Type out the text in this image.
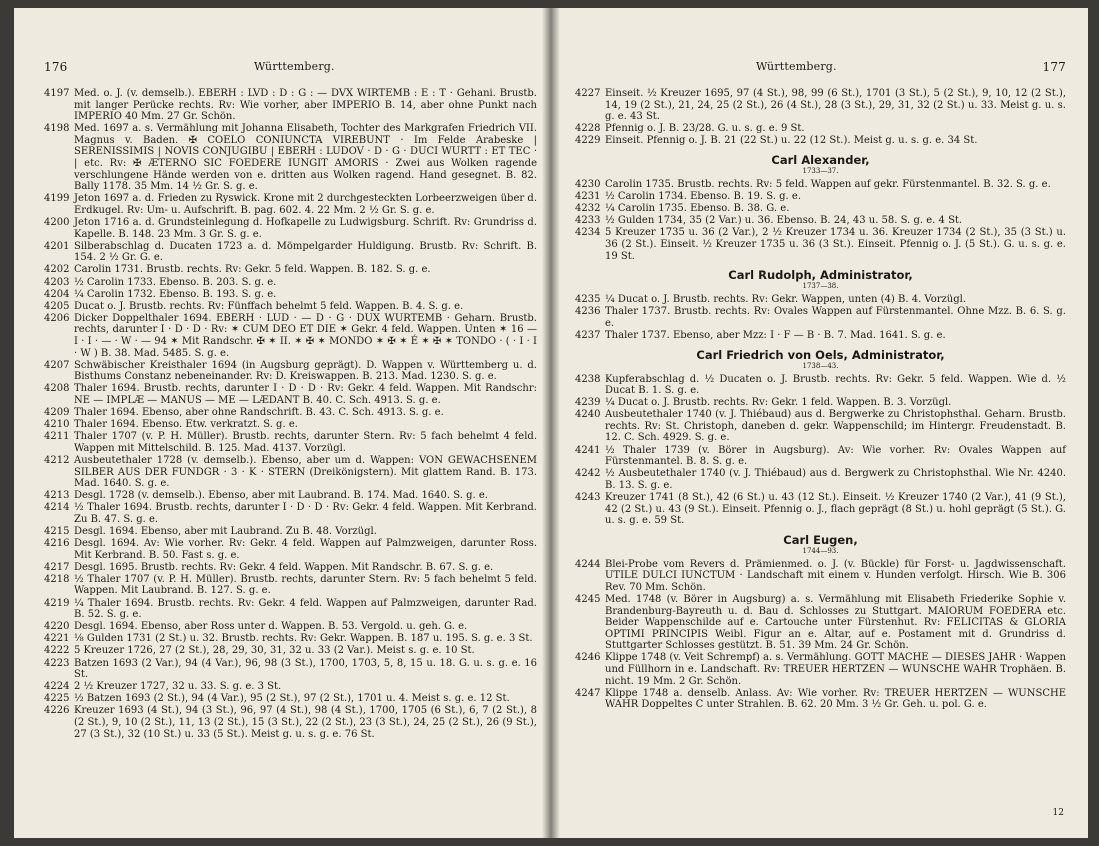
176	Württemberg.
4197 Med. o. J. (v. demselb.). EBERH : LVD : D : G : — DVX WIRTEMB : E : T · Gehani. Brustb. mit langer Perücke rechts. Rv: Wie vorher, aber IMPERIO B. 14, aber ohne Punkt nach IMPERIO 40 Mm. 27 Gr. Schön.
4198 Med. 1697 a. s. Vermählung mit Johanna Elisabeth, Tochter des Markgrafen Friedrich VII. Magnus v. Baden. ✠ COELO CONIUNCTA VIREBUNT · Im Felde Arabeske | SERENISSIMIS | NOVIS CONJUGIBU | EBERH : LUDOV · D · G · DUCI WURTT : ET TEC · | etc. Rv: ✠ ÆTERNO SIC FOEDERE IUNGIT AMORIS · Zwei aus Wolken ragende verschlungene Hände werden von e. dritten aus Wolken ragend. Hand gesegnet. B. 82. Bally 1178. 35 Mm. 14 ½ Gr. S. g. e.
4199 Jeton 1697 a. d. Frieden zu Ryswick. Krone mit 2 durchgesteckten Lorbeerzweigen über d. Erdkugel. Rv: Um- u. Aufschrift. B. pag. 602. 4. 22 Mm. 2 ½ Gr. S. g. e.
4200 Jeton 1716 a. d. Grundsteinlegung d. Hofkapelle zu Ludwigsburg. Schrift. Rv: Grundriss d. Kapelle. B. 148. 23 Mm. 3 Gr. S. g. e.
4201 Silberabschlag d. Ducaten 1723 a. d. Mömpelgarder Huldigung. Brustb. Rv: Schrift. B. 154. 2 ½ Gr. G. e.
4202 Carolin 1731. Brustb. rechts. Rv: Gekr. 5 feld. Wappen. B. 182. S. g. e.
4203 ½ Carolin 1733. Ebenso. B. 203. S. g. e.
4204 ¼ Carolin 1732. Ebenso. B. 193. S. g. e.
4205 Ducat o. J. Brustb. rechts. Rv: Fünffach behelmt 5 feld. Wappen. B. 4. S. g. e.
4206 Dicker Doppelthaler 1694. EBERH · LUD · — D · G · DUX WURTEMB · Geharn. Brustb. rechts, darunter I · D · D · Rv: ✶ CUM DEO ET DIE ✶ Gekr. 4 feld. Wappen. Unten ✶ 16 — I · I · — · W · — 94 ✶ Mit Randschr. ✠ ✶ II. ✶ ✠ ✶ MONDO ✶ ✠ ✶ É ✶ ✠ ✶ TONDO · ( · I · I · W ) B. 38. Mad. 5485. S. g. e.
4207 Schwäbischer Kreisthaler 1694 (in Augsburg geprägt). D. Wappen v. Württemberg u. d. Bisthums Constanz nebeneinander. Rv: D. Kreiswappen. B. 213. Mad. 1230. S. g. e.
4208 Thaler 1694. Brustb. rechts, darunter I · D · D · Rv: Gekr. 4 feld. Wappen. Mit Randschr: NE — IMPLÆ — MANUS — ME — LÆDANT B. 40. C. Sch. 4913. S. g. e.
4209 Thaler 1694. Ebenso, aber ohne Randschrift. B. 43. C. Sch. 4913. S. g. e.
4210 Thaler 1694. Ebenso. Etw. verkratzt. S. g. e.
4211 Thaler 1707 (v. P. H. Müller). Brustb. rechts, darunter Stern. Rv: 5 fach behelmt 4 feld. Wappen mit Mittelschild. B. 125. Mad. 4137. Vorzügl.
4212 Ausbeutethaler 1728 (v. demselb.). Ebenso, aber um d. Wappen: VON GEWACHSENEM SILBER AUS DER FUNDGR · 3 · K · STERN (Dreikönigstern). Mit glattem Rand. B. 173. Mad. 1640. S. g. e.
4213 Desgl. 1728 (v. demselb.). Ebenso, aber mit Laubrand. B. 174. Mad. 1640. S. g. e.
4214 ½ Thaler 1694. Brustb. rechts, darunter I · D · D · Rv: Gekr. 4 feld. Wappen. Mit Kerbrand. Zu B. 47. S. g. e.
4215 Desgl. 1694. Ebenso, aber mit Laubrand. Zu B. 48. Vorzügl.
4216 Desgl. 1694. Av: Wie vorher. Rv: Gekr. 4 feld. Wappen auf Palmzweigen, darunter Ross. Mit Kerbrand. B. 50. Fast s. g. e.
4217 Desgl. 1695. Brustb. rechts. Rv: Gekr. 4 feld. Wappen. Mit Randschr. B. 67. S. g. e.
4218 ½ Thaler 1707 (v. P. H. Müller). Brustb. rechts, darunter Stern. Rv: 5 fach behelmt 5 feld. Wappen. Mit Laubrand. B. 127. S. g. e.
4219 ¼ Thaler 1694. Brustb. rechts. Rv: Gekr. 4 feld. Wappen auf Palmzweigen, darunter Rad. B. 52. S. g. e.
4220 Desgl. 1694. Ebenso, aber Ross unter d. Wappen. B. 53. Vergold. u. geh. G. e.
4221 ⅛ Gulden 1731 (2 St.) u. 32. Brustb. rechts. Rv: Gekr. Wappen. B. 187 u. 195. S. g. e. 3 St.
4222 5 Kreuzer 1726, 27 (2 St.), 28, 29, 30, 31, 32 u. 33 (2 Var.). Meist s. g. e. 10 St.
4223 Batzen 1693 (2 Var.), 94 (4 Var.), 96, 98 (3 St.), 1700, 1703, 5, 8, 15 u. 18. G. u. s. g. e. 16 St.
4224 2 ½ Kreuzer 1727, 32 u. 33. S. g. e. 3 St.
4225 ½ Batzen 1693 (2 St.), 94 (4 Var.), 95 (2 St.), 97 (2 St.), 1701 u. 4. Meist s. g. e. 12 St.
4226 Kreuzer 1693 (4 St.), 94 (3 St.), 96, 97 (4 St.), 98 (4 St.), 1700, 1705 (6 St.), 6, 7 (2 St.), 8 (2 St.), 9, 10 (2 St.), 11, 13 (2 St.), 15 (3 St.), 22 (2 St.), 23 (3 St.), 24, 25 (2 St.), 26 (9 St.), 27 (3 St.), 32 (10 St.) u. 33 (5 St.). Meist g. u. s. g. e. 76 St.
Württemberg.	177
4227 Einseit. ½ Kreuzer 1695, 97 (4 St.), 98, 99 (6 St.), 1701 (3 St.), 5 (2 St.), 9, 10, 12 (2 St.), 14, 19 (2 St.), 21, 24, 25 (2 St.), 26 (4 St.), 28 (3 St.), 29, 31, 32 (2 St.) u. 33. Meist g. u. s. g. e. 43 St.
4228 Pfennig o. J. B. 23/28. G. u. s. g. e. 9 St.
4229 Einseit. Pfennig o. J. B. 21 (22 St.) u. 22 (12 St.). Meist g. u. s. g. e. 34 St.
Carl Alexander,
1733—37.
4230 Carolin 1735. Brustb. rechts. Rv: 5 feld. Wappen auf gekr. Fürstenmantel. B. 32. S. g. e.
4231 ½ Carolin 1734. Ebenso. B. 19. S. g. e.
4232 ¼ Carolin 1735. Ebenso. B. 38. G. e.
4233 ½ Gulden 1734, 35 (2 Var.) u. 36. Ebenso. B. 24, 43 u. 58. S. g. e. 4 St.
4234 5 Kreuzer 1735 u. 36 (2 Var.), 2 ½ Kreuzer 1734 u. 36. Kreuzer 1734 (2 St.), 35 (3 St.) u. 36 (2 St.). Einseit. ½ Kreuzer 1735 u. 36 (3 St.). Einseit. Pfennig o. J. (5 St.). G. u. s. g. e. 19 St.
Carl Rudolph, Administrator,
1737—38.
4235 ¼ Ducat o. J. Brustb. rechts. Rv: Gekr. Wappen, unten (4) B. 4. Vorzügl.
4236 Thaler 1737. Brustb. rechts. Rv: Ovales Wappen auf Fürstenmantel. Ohne Mzz. B. 6. S. g. e.
4237 Thaler 1737. Ebenso, aber Mzz: I · F — B · B. 7. Mad. 1641. S. g. e.
Carl Friedrich von Oels, Administrator,
1738—43.
4238 Kupferabschlag d. ½ Ducaten o. J. Brustb. rechts. Rv: Gekr. 5 feld. Wappen. Wie d. ½ Ducat B. 1. S. g. e.
4239 ¼ Ducat o. J. Brustb. rechts. Rv: Gekr. 1 feld. Wappen. B. 3. Vorzügl.
4240 Ausbeutethaler 1740 (v. J. Thiébaud) aus d. Bergwerke zu Christophsthal. Geharn. Brustb. rechts. Rv: St. Christoph, daneben d. gekr. Wappenschild; im Hintergr. Freudenstadt. B. 12. C. Sch. 4929. S. g. e.
4241 ½ Thaler 1739 (v. Börer in Augsburg). Av: Wie vorher. Rv: Ovales Wappen auf Fürstenmantel. B. 8. S. g. e.
4242 ½ Ausbeutethaler 1740 (v. J. Thiébaud) aus d. Bergwerk zu Christophsthal. Wie Nr. 4240. B. 13. S. g. e.
4243 Kreuzer 1741 (8 St.), 42 (6 St.) u. 43 (12 St.). Einseit. ½ Kreuzer 1740 (2 Var.), 41 (9 St.), 42 (2 St.) u. 43 (9 St.). Einseit. Pfennig o. J., flach geprägt (8 St.) u. hohl geprägt (5 St.). G. u. s. g. e. 59 St.
Carl Eugen,
1744—93.
4244 Blei-Probe vom Revers d. Prämienmed. o. J. (v. Bückle) für Forst- u. Jagdwissenschaft. UTILE DULCI IUNCTUM · Landschaft mit einem v. Hunden verfolgt. Hirsch. Wie B. 306 Rev. 70 Mm. Schön.
4245 Med. 1748 (v. Börer in Augsburg) a. s. Vermählung mit Elisabeth Friederike Sophie v. Brandenburg-Bayreuth u. d. Bau d. Schlosses zu Stuttgart. MAIORUM FOEDERA etc. Beider Wappenschilde auf e. Cartouche unter Fürstenhut. Rv: FELICITAS & GLORIA OPTIMI PRINCIPIS Weibl. Figur an e. Altar, auf e. Postament mit d. Grundriss d. Stuttgarter Schlosses gestützt. B. 51. 39 Mm. 24 Gr. Schön.
4246 Klippe 1748 (v. Veit Schrempf) a. s. Vermählung. GOTT MACHE — DIESES JAHR · Wappen und Füllhorn in e. Landschaft. Rv: TREUER HERTZEN — WUNSCHE WAHR Trophäen. B. nicht. 19 Mm. 2 Gr. Schön.
4247 Klippe 1748 a. denselb. Anlass. Av: Wie vorher. Rv: TREUER HERTZEN — WUNSCHE WAHR Doppeltes C unter Strahlen. B. 62. 20 Mm. 3 ½ Gr. Geh. u. pol. G. e.
12
